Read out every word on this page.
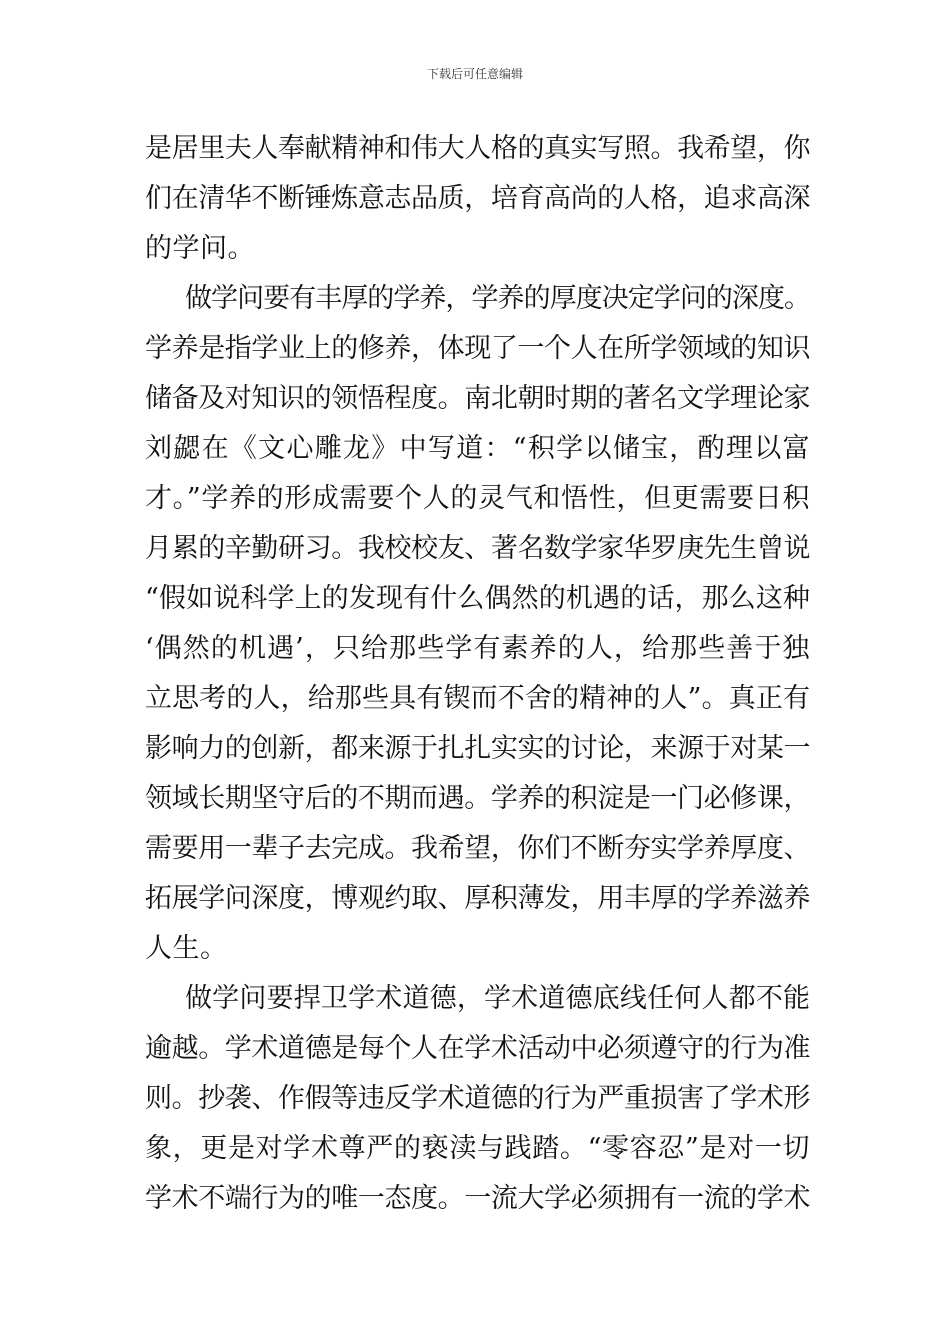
下载后可任意编辑
是居里夫人奉献精神和伟大人格的真实写照。我希望，你
们在清华不断锤炼意志品质，培育高尚的人格，追求高深
的学问。
做学问要有丰厚的学养，学养的厚度决定学问的深度。
学养是指学业上的修养，体现了一个人在所学领域的知识
储备及对知识的领悟程度。南北朝时期的著名文学理论家
刘勰在《文心雕龙》中写道：“积学以储宝，酌理以富
才。”学养的形成需要个人的灵气和悟性，但更需要日积
月累的辛勤研习。我校校友、著名数学家华罗庚先生曾说
“假如说科学上的发现有什么偶然的机遇的话，那么这种
‘偶然的机遇’，只给那些学有素养的人，给那些善于独
立思考的人，给那些具有锲而不舍的精神的人”。真正有
影响力的创新，都来源于扎扎实实的讨论，来源于对某一
领域长期坚守后的不期而遇。学养的积淀是一门必修课，
需要用一辈子去完成。我希望，你们不断夯实学养厚度、
拓展学问深度，博观约取、厚积薄发，用丰厚的学养滋养
人生。
做学问要捍卫学术道德，学术道德底线任何人都不能
逾越。学术道德是每个人在学术活动中必须遵守的行为准
则。抄袭、作假等违反学术道德的行为严重损害了学术形
象，更是对学术尊严的亵渎与践踏。“零容忍”是对一切
学术不端行为的唯一态度。一流大学必须拥有一流的学术
